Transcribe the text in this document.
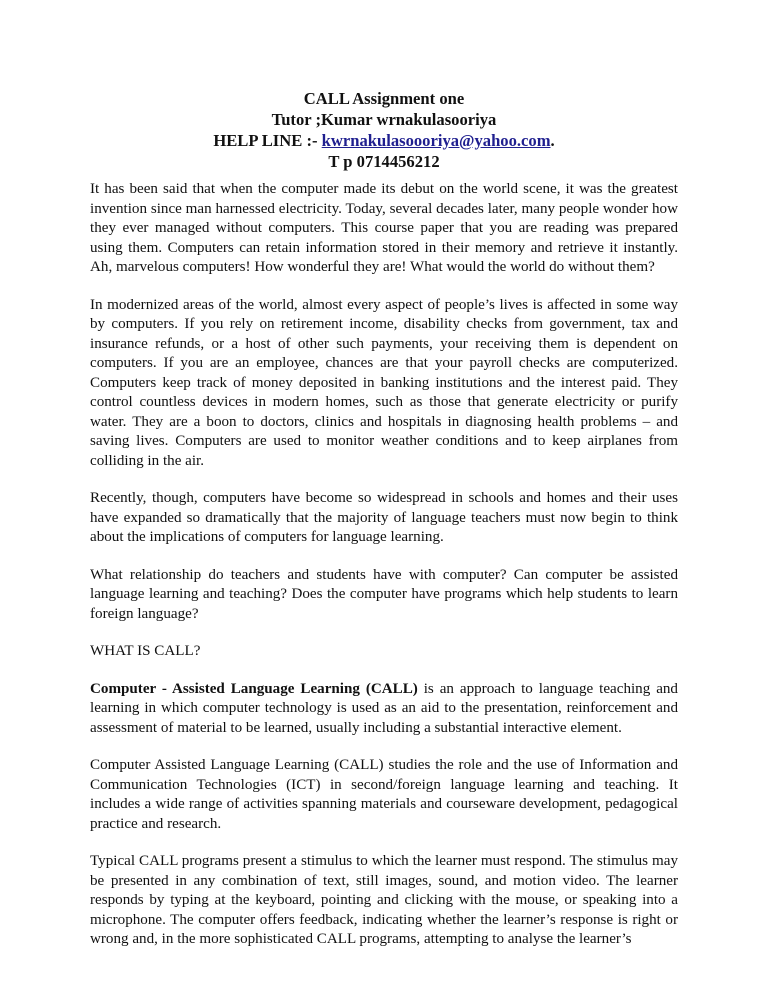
CALL Assignment one
Tutor ;Kumar wrnakulasooriya
HELP LINE :- kwrnakulasoooriya@yahoo.com.
T p 0714456212

It has been said that when the computer made its debut on the world scene, it was the greatest invention since man harnessed electricity. Today, several decades later, many people wonder how they ever managed without computers. This course paper that you are reading was prepared using them. Computers can retain information stored in their memory and retrieve it instantly. Ah, marvelous computers! How wonderful they are! What would the world do without them?

In modernized areas of the world, almost every aspect of people’s lives is affected in some way by computers. If you rely on retirement income, disability checks from government, tax and insurance refunds, or a host of other such payments, your receiving them is dependent on computers. If you are an employee, chances are that your payroll checks are computerized. Computers keep track of money deposited in banking institutions and the interest paid. They control countless devices in modern homes, such as those that generate electricity or purify water. They are a boon to doctors, clinics and hospitals in diagnosing health problems – and saving lives. Computers are used to monitor weather conditions and to keep airplanes from colliding in the air.

Recently, though, computers have become so widespread in schools and homes and their uses have expanded so dramatically that the majority of language teachers must now begin to think about the implications of computers for language learning.

What relationship do teachers and students have with computer? Can computer be assisted language learning and teaching? Does the computer have programs which help students to learn foreign language?

WHAT IS CALL?

Computer - Assisted Language Learning (CALL) is an approach to language teaching and learning in which computer technology is used as an aid to the presentation, reinforcement and assessment of material to be learned, usually including a substantial interactive element.

Computer Assisted Language Learning (CALL) studies the role and the use of Information and Communication Technologies (ICT) in second/foreign language learning and teaching. It includes a wide range of activities spanning materials and courseware development, pedagogical practice and research.

Typical CALL programs present a stimulus to which the learner must respond. The stimulus may be presented in any combination of text, still images, sound, and motion video. The learner responds by typing at the keyboard, pointing and clicking with the mouse, or speaking into a microphone. The computer offers feedback, indicating whether the learner’s response is right or wrong and, in the more sophisticated CALL programs, attempting to analyse the learner’s
